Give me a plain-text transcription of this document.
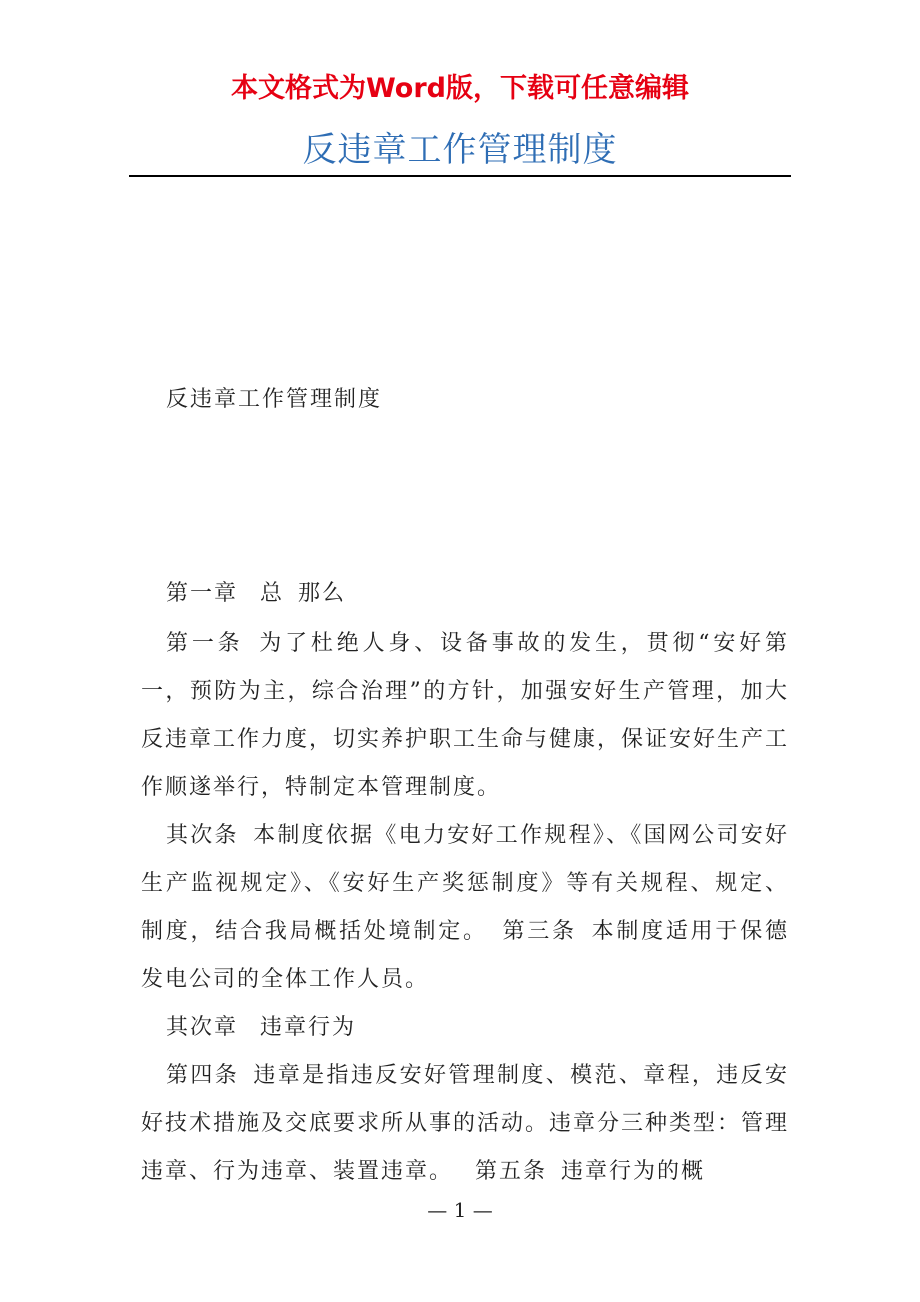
本文格式为Word版，下载可任意编辑
反违章工作管理制度
反违章工作管理制度
第一章 总 那么

第一条 为了杜绝人身、设备事故的发生，贯彻“安好第一，预防为主，综合治理”的方针，加强安好生产管理，加大反违章工作力度，切实养护职工生命与健康，保证安好生产工作顺遂举行，特制定本管理制度。

其次条 本制度依据《电力安好工作规程》、《国网公司安好生产监视规定》、《安好生产奖惩制度》等有关规程、规定、制度，结合我局概括处境制定。 第三条 本制度适用于保德发电公司的全体工作人员。

其次章 违章行为

第四条 违章是指违反安好管理制度、模范、章程，违反安好技术措施及交底要求所从事的活动。违章分三种类型：管理违章、行为违章、装置违章。 第五条 违章行为的概

— 1 —
